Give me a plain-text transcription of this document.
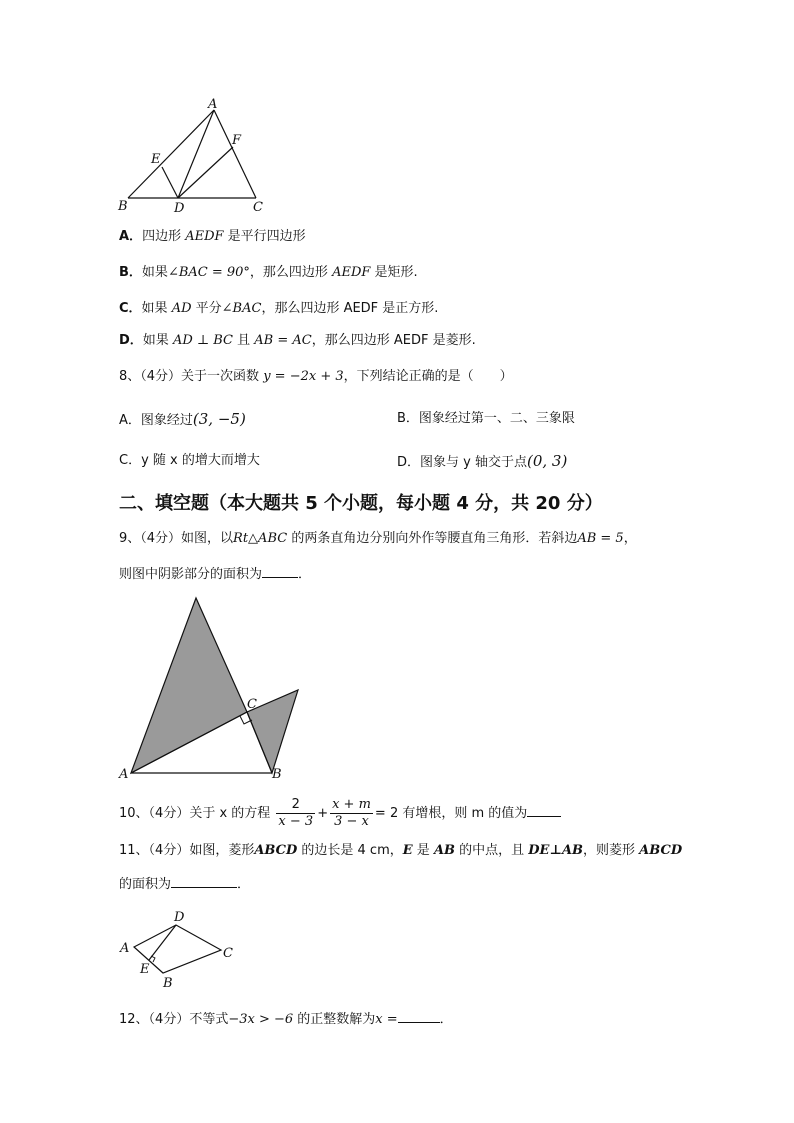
A
B	C
D
E
F
A．四边形 AEDF 是平行四边形
B．如果∠BAC = 90°，那么四边形 AEDF 是矩形.
C．如果 AD 平分∠BAC，那么四边形 AEDF 是正方形.
D．如果 AD ⊥ BC 且 AB = AC，那么四边形 AEDF 是菱形.
8、（4分）关于一次函数 y = −2x + 3，下列结论正确的是（　　）
A．图象经过(3, −5)	B．图象经过第一、二、三象限
C．y 随 x 的增大而增大	D．图象与 y 轴交于点(0, 3)
二、填空题（本大题共 5 个小题，每小题 4 分，共 20 分）
9、（4分）如图，以Rt△ABC 的两条直角边分别向外作等腰直角三角形．若斜边AB = 5，
则图中阴影部分的面积为	．
A	B
C
10、（4分）关于 x 的方程 $\frac{2}{x - 3} + \frac{x + m}{3 - x} = 2$ 有增根，则 m 的值为
11、（4分）如图，菱形ABCD 的边长是 4 cm，E 是 AB 的中点，且 DE⊥AB，则菱形 ABCD
的面积为	．
D
A	C
E
B
12、（4分）不等式−3x > −6 的正整数解为x =	．
